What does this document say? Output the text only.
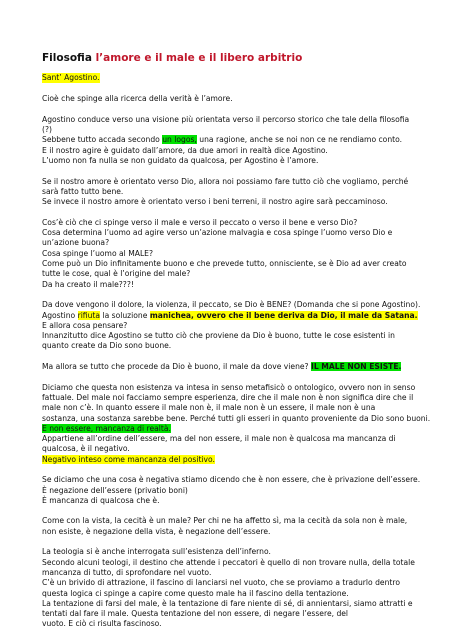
Filosofia l’amore e il male e il libero arbitrio
Sant’ Agostino.

Cioè che spinge alla ricerca della verità è l’amore.

Agostino conduce verso una visione più orientata verso il percorso storico che tale della filosofia

(?)

Sebbene tutto accada secondo un logos, una ragione, anche se noi non ce ne rendiamo conto.

E il nostro agire è guidato dall’amore, da due amori in realtà dice Agostino.

L’uomo non fa nulla se non guidato da qualcosa, per Agostino è l’amore.

Se il nostro amore è orientato verso Dio, allora noi possiamo fare tutto ciò che vogliamo, perché

sarà fatto tutto bene.

Se invece il nostro amore è orientato verso i beni terreni, il nostro agire sarà peccaminoso.

Cos’è ciò che ci spinge verso il male e verso il peccato o verso il bene e verso Dio?

Cosa determina l’uomo ad agire verso un’azione malvagia e cosa spinge l’uomo verso Dio e

un’azione buona?

Cosa spinge l’uomo al MALE?

Come può un Dio infinitamente buono e che prevede tutto, onnisciente, se è Dio ad aver creato

tutte le cose, qual è l’origine del male?

Da ha creato il male???!

Da dove vengono il dolore, la violenza, il peccato, se Dio è BENE? (Domanda che si pone Agostino).

Agostino rifiuta la soluzione manichea, ovvero che il bene deriva da Dio, il male da Satana.

E allora cosa pensare?

Innanzitutto dice Agostino se tutto ciò che proviene da Dio è buono, tutte le cose esistenti in

quanto create da Dio sono buone.

Ma allora se tutto che procede da Dio è buono, il male da dove viene? IL MALE NON ESISTE.

Diciamo che questa non esistenza va intesa in senso metafisicò o ontologico, ovvero non in senso

fattuale. Del male noi facciamo sempre esperienza, dire che il male non è non significa dire che il

male non c’è. In quanto essere il male non è, il male non è un essere, il male non è una

sostanza, una sostanza sarebbe bene. Perché tutti gli esseri in quanto proveniente da Dio sono buoni.

E non essere, mancanza di realtà.

Appartiene all’ordine dell’essere, ma del non essere, il male non è qualcosa ma mancanza di

qualcosa, è il negativo.

Negativo inteso come mancanza del positivo.

Se diciamo che una cosa è negativa stiamo dicendo che è non essere, che è privazione dell’essere.

È negazione dell’essere (privatio boni)

È mancanza di qualcosa che è.

Come con la vista, la cecità è un male? Per chi ne ha affetto sì, ma la cecità da sola non è male,

non esiste, è negazione della vista, è negazione dell’essere.

La teologia si è anche interrogata sull’esistenza dell’inferno.

Secondo alcuni teologi, il destino che attende i peccatori è quello di non trovare nulla, della totale

mancanza di tutto, di sprofondare nel vuoto.

C’è un brivido di attrazione, il fascino di lanciarsi nel vuoto, che se proviamo a tradurlo dentro

questa logica ci spinge a capire come questo male ha il fascino della tentazione.

La tentazione di farsi del male, è la tentazione di fare niente di sé, di annientarsi, siamo attratti e

tentati dal fare il male. Questa tentazione del non essere, di negare l’essere, del

vuoto. E ciò ci risulta fascinoso.
